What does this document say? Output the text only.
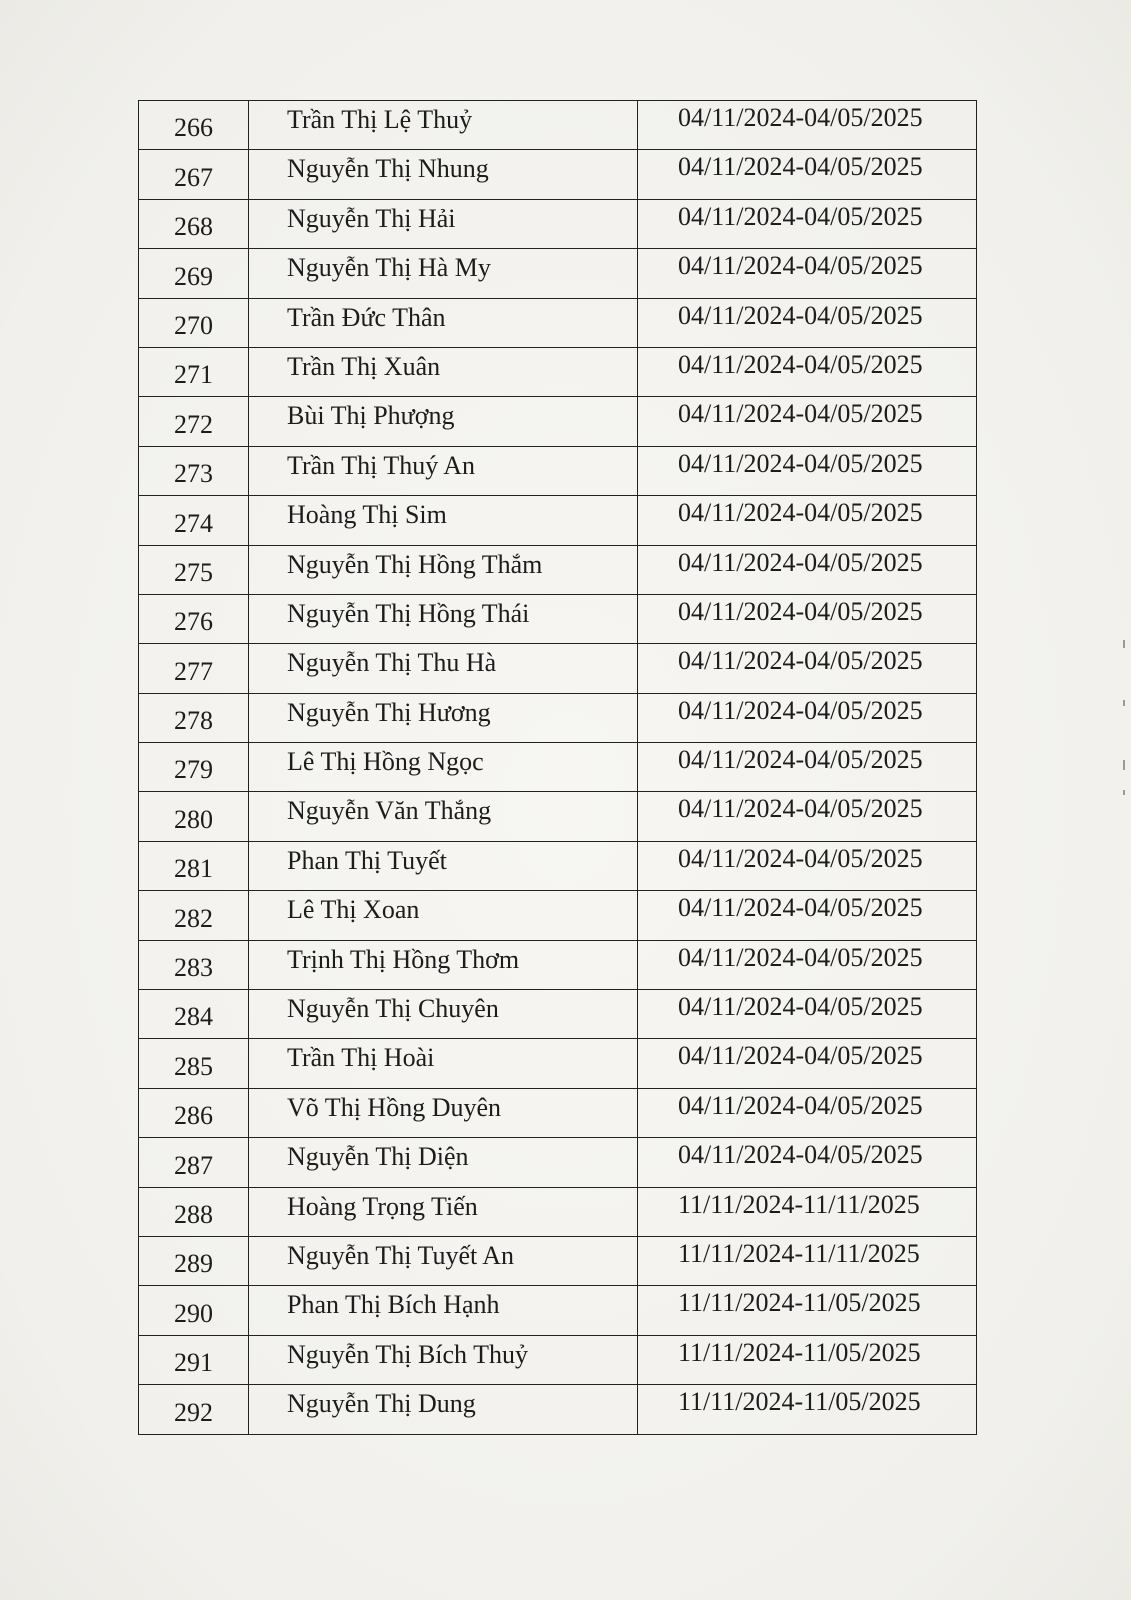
266	Trần Thị Lệ Thuỷ	04/11/2024-04/05/2025
267	Nguyễn Thị Nhung	04/11/2024-04/05/2025
268	Nguyễn Thị Hải	04/11/2024-04/05/2025
269	Nguyễn Thị Hà My	04/11/2024-04/05/2025
270	Trần Đức Thân	04/11/2024-04/05/2025
271	Trần Thị Xuân	04/11/2024-04/05/2025
272	Bùi Thị Phượng	04/11/2024-04/05/2025
273	Trần Thị Thuý An	04/11/2024-04/05/2025
274	Hoàng Thị Sim	04/11/2024-04/05/2025
275	Nguyễn Thị Hồng Thắm	04/11/2024-04/05/2025
276	Nguyễn Thị Hồng Thái	04/11/2024-04/05/2025
277	Nguyễn Thị Thu Hà	04/11/2024-04/05/2025
278	Nguyễn Thị Hương	04/11/2024-04/05/2025
279	Lê Thị Hồng Ngọc	04/11/2024-04/05/2025
280	Nguyễn Văn Thắng	04/11/2024-04/05/2025
281	Phan Thị Tuyết	04/11/2024-04/05/2025
282	Lê Thị Xoan	04/11/2024-04/05/2025
283	Trịnh Thị Hồng Thơm	04/11/2024-04/05/2025
284	Nguyễn Thị Chuyên	04/11/2024-04/05/2025
285	Trần Thị Hoài	04/11/2024-04/05/2025
286	Võ Thị Hồng Duyên	04/11/2024-04/05/2025
287	Nguyễn Thị Diện	04/11/2024-04/05/2025
288	Hoàng Trọng Tiến	11/11/2024-11/11/2025
289	Nguyễn Thị Tuyết An	11/11/2024-11/11/2025
290	Phan Thị Bích Hạnh	11/11/2024-11/05/2025
291	Nguyễn Thị Bích Thuỷ	11/11/2024-11/05/2025
292	Nguyễn Thị Dung	11/11/2024-11/05/2025
